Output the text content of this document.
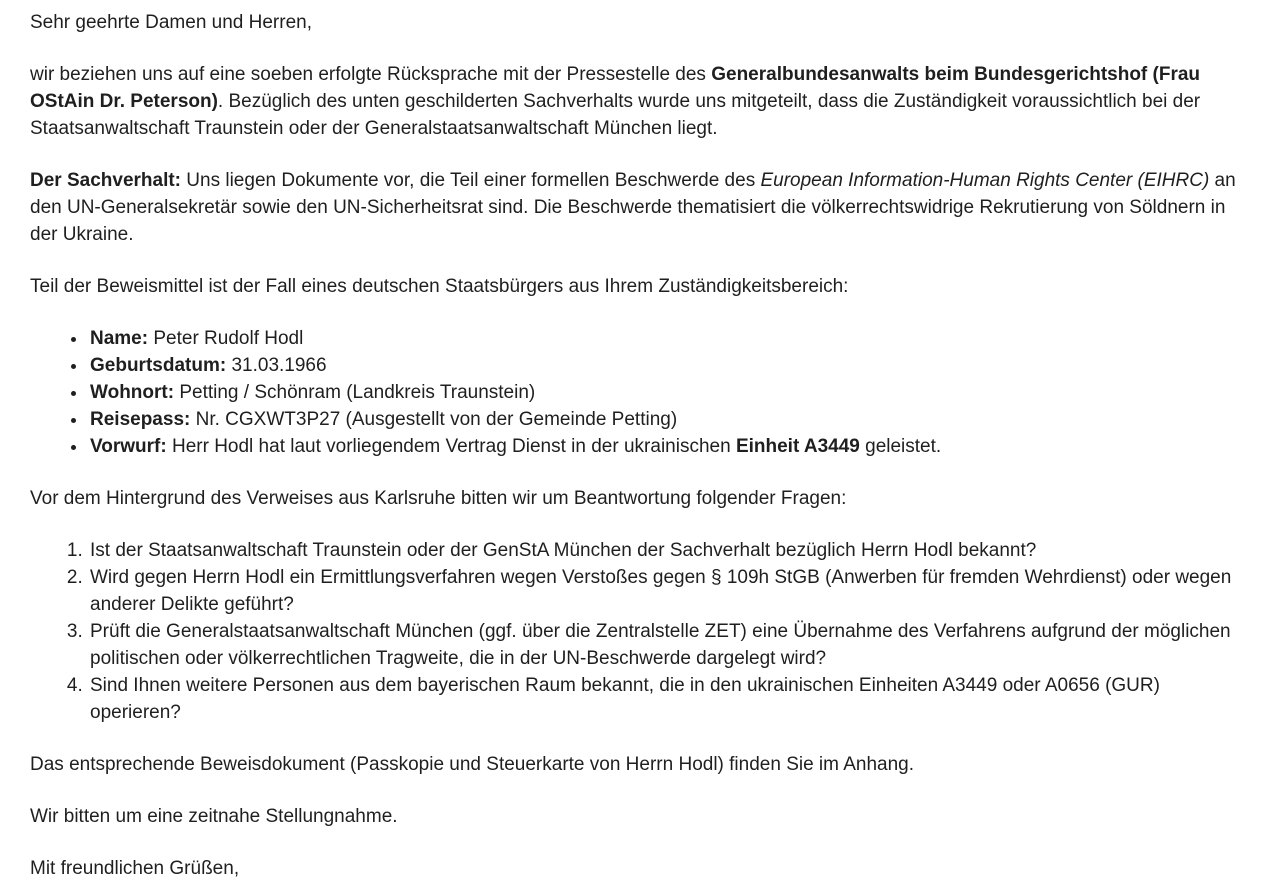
Sehr geehrte Damen und Herren,

wir beziehen uns auf eine soeben erfolgte Rücksprache mit der Pressestelle des Generalbundesanwalts beim Bundesgerichtshof (Frau OStAin Dr. Peterson). Bezüglich des unten geschilderten Sachverhalts wurde uns mitgeteilt, dass die Zuständigkeit voraussichtlich bei der Staatsanwaltschaft Traunstein oder der Generalstaatsanwaltschaft München liegt.

Der Sachverhalt: Uns liegen Dokumente vor, die Teil einer formellen Beschwerde des European Information-Human Rights Center (EIHRC) an den UN-Generalsekretär sowie den UN-Sicherheitsrat sind. Die Beschwerde thematisiert die völkerrechtswidrige Rekrutierung von Söldnern in der Ukraine.

Teil der Beweismittel ist der Fall eines deutschen Staatsbürgers aus Ihrem Zuständigkeitsbereich:

• Name: Peter Rudolf Hodl
• Geburtsdatum: 31.03.1966
• Wohnort: Petting / Schönram (Landkreis Traunstein)
• Reisepass: Nr. CGXWT3P27 (Ausgestellt von der Gemeinde Petting)
• Vorwurf: Herr Hodl hat laut vorliegendem Vertrag Dienst in der ukrainischen Einheit A3449 geleistet.

Vor dem Hintergrund des Verweises aus Karlsruhe bitten wir um Beantwortung folgender Fragen:

1. Ist der Staatsanwaltschaft Traunstein oder der GenStA München der Sachverhalt bezüglich Herrn Hodl bekannt?
2. Wird gegen Herrn Hodl ein Ermittlungsverfahren wegen Verstoßes gegen § 109h StGB (Anwerben für fremden Wehrdienst) oder wegen anderer Delikte geführt?
3. Prüft die Generalstaatsanwaltschaft München (ggf. über die Zentralstelle ZET) eine Übernahme des Verfahrens aufgrund der möglichen politischen oder völkerrechtlichen Tragweite, die in der UN-Beschwerde dargelegt wird?
4. Sind Ihnen weitere Personen aus dem bayerischen Raum bekannt, die in den ukrainischen Einheiten A3449 oder A0656 (GUR) operieren?

Das entsprechende Beweisdokument (Passkopie und Steuerkarte von Herrn Hodl) finden Sie im Anhang.

Wir bitten um eine zeitnahe Stellungnahme.

Mit freundlichen Grüßen,
